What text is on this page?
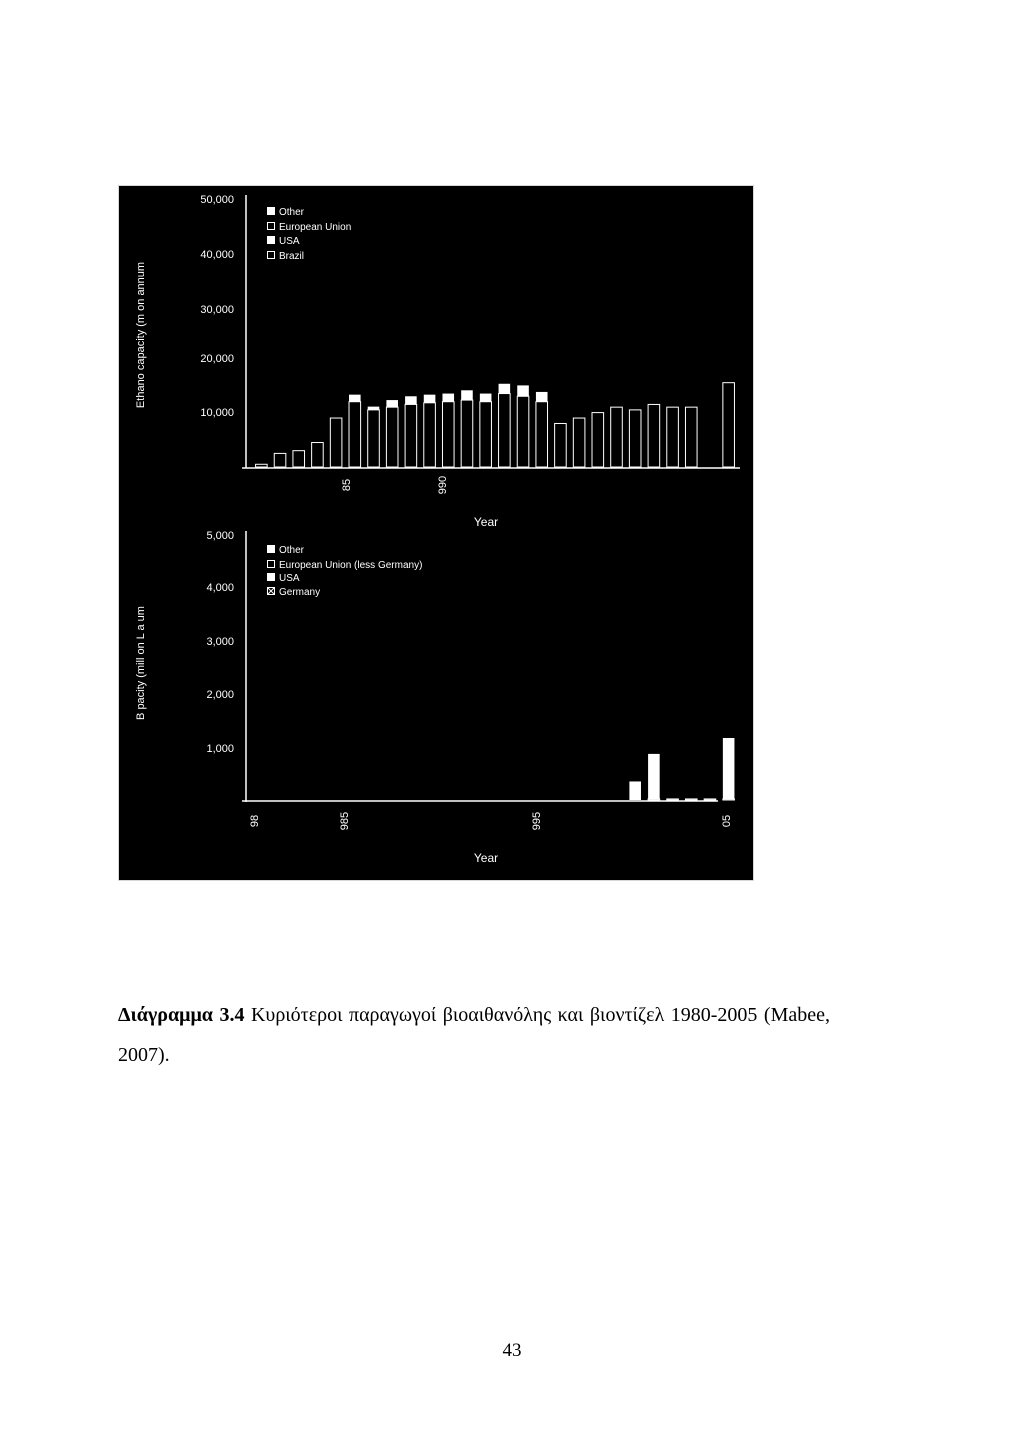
Ethano capacity (m on annum
50,000
40,000
30,000
20,000
10,000
Other
European Union
USA
Brazil
85	990
Year
B pacity (mill on L a um
5,000
4,000
3,000
2,000
1,000
Other
European Union (less Germany)
USA
Germany
98	985	995	05
Year
Διάγραμμα 3.4 Κυριότεροι παραγωγοί βιοαιθανόλης και βιοντίζελ 1980-2005 (Mabee, 2007).
43
